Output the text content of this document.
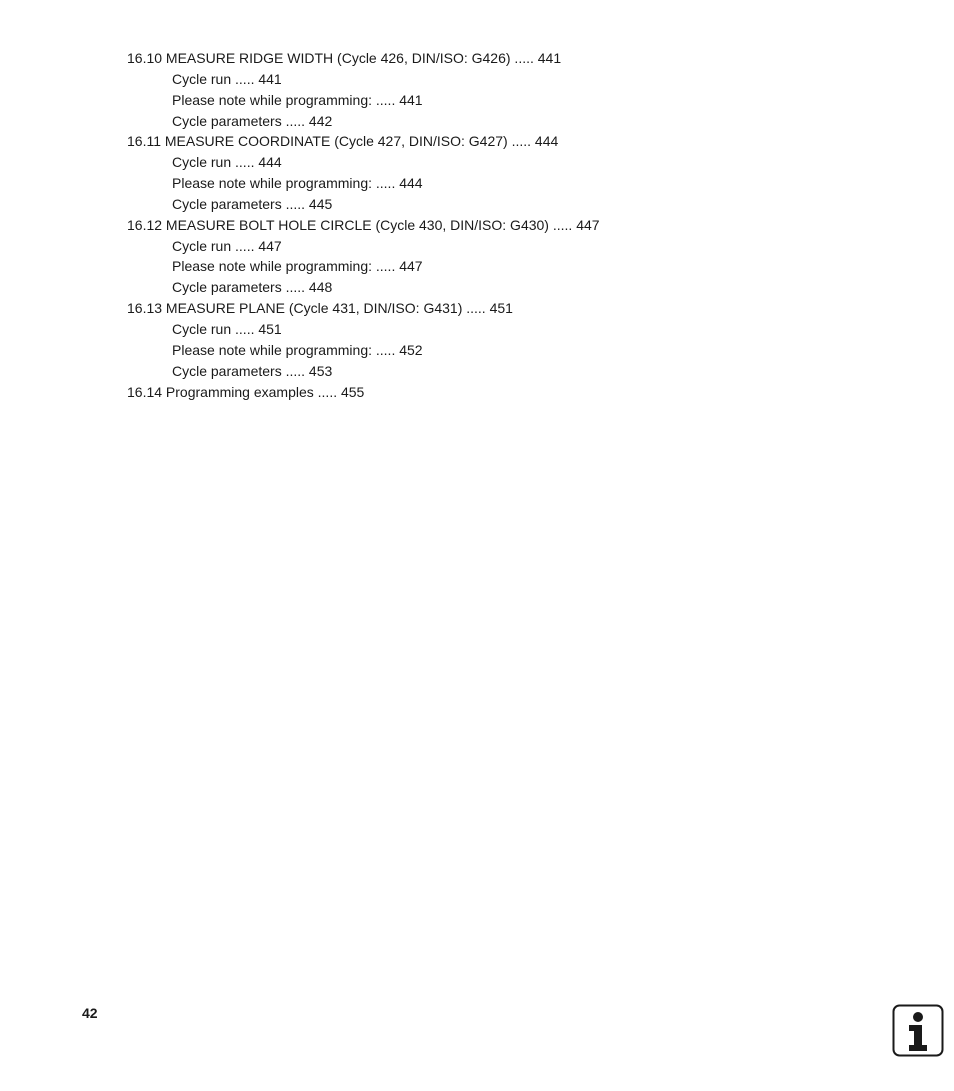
16.10 MEASURE RIDGE WIDTH (Cycle 426, DIN/ISO: G426) ..... 441
Cycle run ..... 441
Please note while programming: ..... 441
Cycle parameters ..... 442
16.11 MEASURE COORDINATE (Cycle 427, DIN/ISO: G427) ..... 444
Cycle run ..... 444
Please note while programming: ..... 444
Cycle parameters ..... 445
16.12 MEASURE BOLT HOLE CIRCLE (Cycle 430, DIN/ISO: G430) ..... 447
Cycle run ..... 447
Please note while programming: ..... 447
Cycle parameters ..... 448
16.13 MEASURE PLANE (Cycle 431, DIN/ISO: G431) ..... 451
Cycle run ..... 451
Please note while programming: ..... 452
Cycle parameters ..... 453
16.14 Programming examples ..... 455
42
